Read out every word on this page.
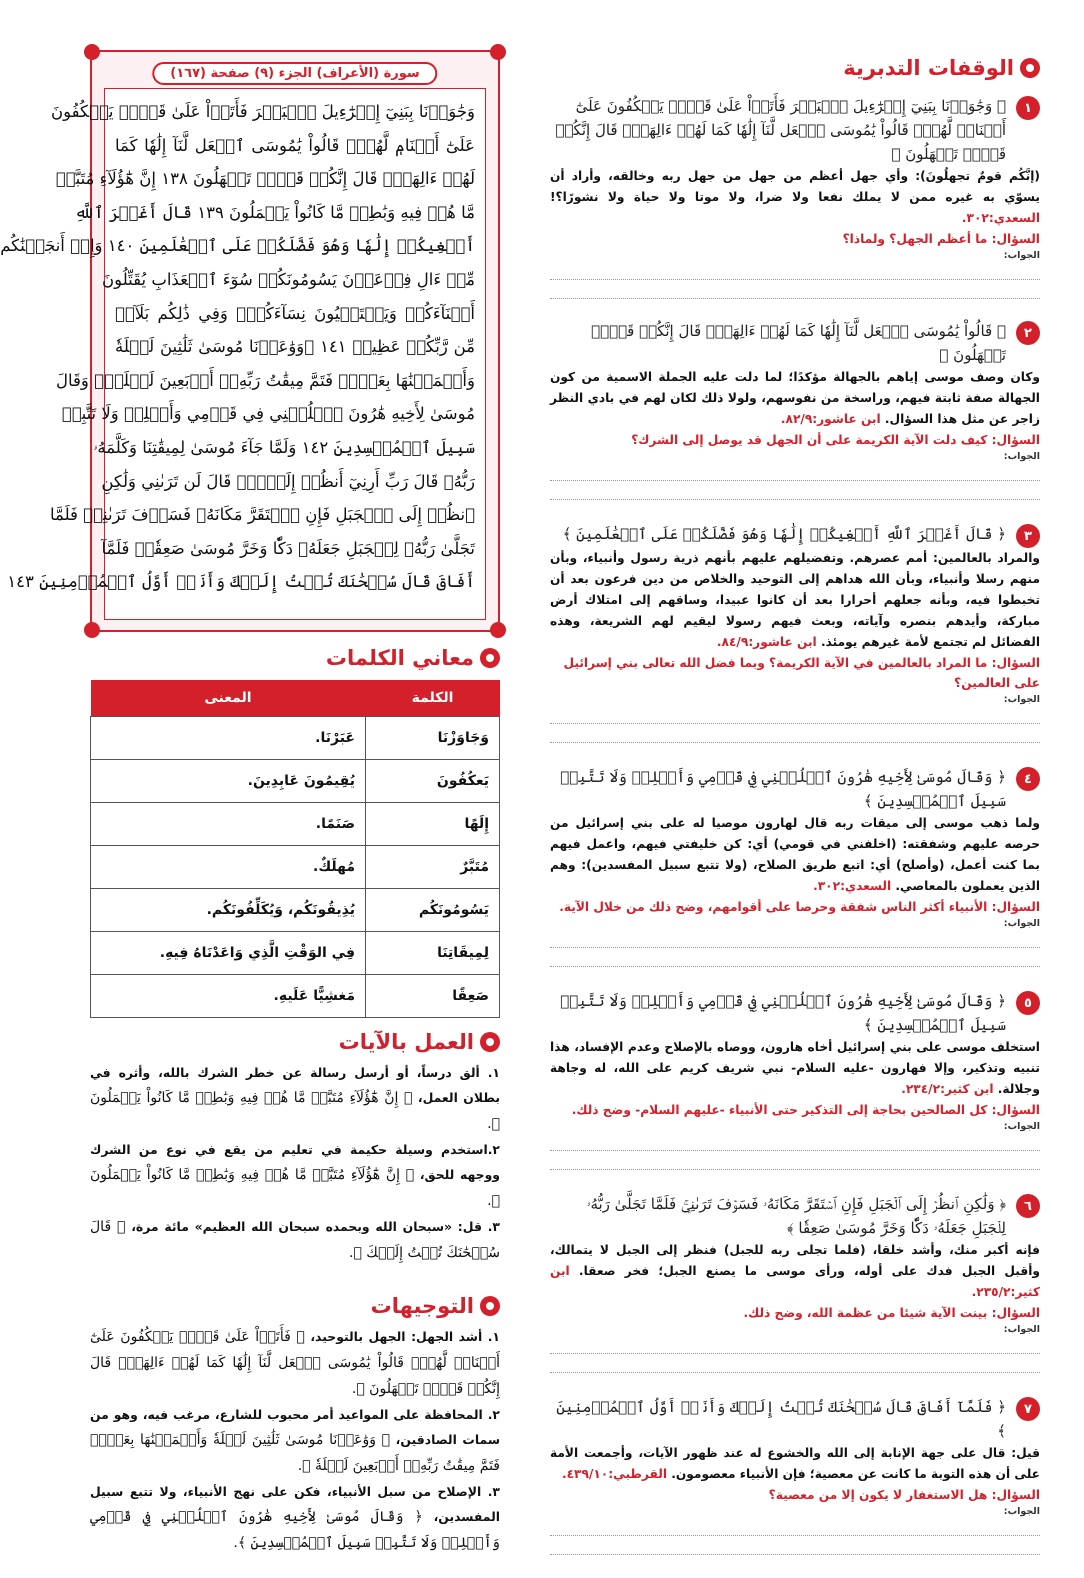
الوقفات التدبرية
١
﴿ وَجَٰوَزۡنَا بِبَنِيٓ إِسۡرَٰٓءِيلَ ٱلۡبَحۡرَ فَأَتَوۡاْ عَلَىٰ قَوۡمٖ يَعۡكُفُونَ عَلَىٰٓ أَصۡنَامٖ لَّهُمۡۚ قَالُواْ يَٰمُوسَى ٱجۡعَل لَّنَآ إِلَٰهٗا كَمَا لَهُمۡ ءَالِهَةٞۚ قَالَ إِنَّكُمۡ قَوۡمٞ تَجۡهَلُونَ ﴾
(إنَّكُم قومٌ تجهلُونَ): وأي جهل أعظم من جهل من جهل ربه وخالقه، وأراد أن يسوّي به غيره ممن لا يملك نفعا ولا ضرا، ولا موتا ولا حياة ولا نشورًا؟! السعدي:٣٠٢.
السؤال: ما أعظم الجهل؟ ولماذا؟
الجواب:
٢
﴿ قَالُواْ يَٰمُوسَى ٱجۡعَل لَّنَآ إِلَٰهٗا كَمَا لَهُمۡ ءَالِهَةٞۚ قَالَ إِنَّكُمۡ قَوۡمٞ تَجۡهَلُونَ ﴾
وكان وصف موسى إياهم بالجهالة مؤكدًا؛ لما دلت عليه الجملة الاسمية من كون الجهالة صفة ثابتة فيهم، وراسخة من نفوسهم، ولولا ذلك لكان لهم في بادي النظر زاجر عن مثل هذا السؤال. ابن عاشور:٨٢/٩.
السؤال: كيف دلت الآية الكريمة على أن الجهل قد يوصل إلى الشرك؟
الجواب:
٣
﴿ قَالَ أَغَيۡرَ ٱللَّهِ أَبۡغِيكُمۡ إِلَٰهٗا وَهُوَ فَضَّلَكُمۡ عَلَى ٱلۡعَٰلَمِينَ ﴾
والمراد بالعالمين: أمم عصرهم. وتفضيلهم عليهم بأنهم ذرية رسول وأنبياء، وبأن منهم رسلا وأنبياء، وبأن الله هداهم إلى التوحيد والخلاص من دين فرعون بعد أن تخبطوا فيه، وبأنه جعلهم أحرارا بعد أن كانوا عبيدا، وساقهم إلى امتلاك أرض مباركة، وأيدهم بنصره وآياته، وبعث فيهم رسولا ليقيم لهم الشريعة، وهذه الفضائل لم تجتمع لأمة غيرهم يومئذ. ابن عاشور:٨٤/٩.
السؤال: ما المراد بالعالمين في الآية الكريمة؟ وبما فضل الله تعالى بني إسرائيل على العالمين؟
الجواب:
٤
﴿ وَقَالَ مُوسَىٰ لِأَخِيهِ هَٰرُونَ ٱخۡلُفۡنِي فِي قَوۡمِي وَأَصۡلِحۡ وَلَا تَتَّبِعۡ سَبِيلَ ٱلۡمُفۡسِدِينَ ﴾
ولما ذهب موسى إلى ميقات ربه قال لهارون موصيا له على بني إسرائيل من حرصه عليهم وشفقته: (اخلفني في قومي) أي: كن خليفتي فيهم، واعمل فيهم بما كنت أعمل، (وأصلح) أي: اتبع طريق الصلاح، (ولا تتبع سبيل المفسدين): وهم الذين يعملون بالمعاصي. السعدي:٣٠٢.
السؤال: الأنبياء أكثر الناس شفقة وحرصا على أقوامهم، وضح ذلك من خلال الآية.
الجواب:
٥
﴿ وَقَالَ مُوسَىٰ لِأَخِيهِ هَٰرُونَ ٱخۡلُفۡنِي فِي قَوۡمِي وَأَصۡلِحۡ وَلَا تَتَّبِعۡ سَبِيلَ ٱلۡمُفۡسِدِينَ ﴾
استخلف موسى على بني إسرائيل أخاه هارون، ووصاه بالإصلاح وعدم الإفساد، هذا تنبيه وتذكير، وإلا فهارون -عليه السلام- نبي شريف كريم على الله، له وجاهة وجلالة. ابن كثير:٢٣٤/٢.
السؤال: كل الصالحين بحاجة إلى التذكير حتى الأنبياء -عليهم السلام- وضح ذلك.
الجواب:
٦
﴿ وَلَٰكِنِ ٱنظُرۡ إِلَى ٱلۡجَبَلِ فَإِنِ ٱسۡتَقَرَّ مَكَانَهُۥ فَسَوۡفَ تَرَىٰنِيۚ فَلَمَّا تَجَلَّىٰ رَبُّهُۥ لِلۡجَبَلِ جَعَلَهُۥ دَكّٗا وَخَرَّ مُوسَىٰ صَعِقٗا ﴾
فإنه أكبر منك، وأشد خلقا، (فلما تجلى ربه للجبل) فنظر إلى الجبل لا يتمالك، وأقبل الجبل فدك على أوله، ورأى موسى ما يصنع الجبل؛ فخر صعقا. ابن كثير:٢٣٥/٢.
السؤال: بينت الآية شيئا من عظمة الله، وضح ذلك.
الجواب:
٧
﴿ فَلَمَّآ أَفَاقَ قَالَ سُبۡحَٰنَكَ تُبۡتُ إِلَيۡكَ وَأَنَا۠ أَوَّلُ ٱلۡمُؤۡمِنِينَ ﴾
قيل: قال على جهة الإنابة إلى الله والخشوع له عند ظهور الآيات، وأجمعت الأمة على أن هذه التوبة ما كانت عن معصية؛ فإن الأنبياء معصومون. القرطبي:٤٣٩/١٠.
السؤال: هل الاستغفار لا يكون إلا من معصية؟
الجواب:
سورة (الأعراف) الجزء (٩) صفحة (١٦٧)
وَجَٰوَزۡنَا بِبَنِيٓ إِسۡرَٰٓءِيلَ ٱلۡبَحۡرَ فَأَتَوۡاْ عَلَىٰ قَوۡمٖ يَعۡكُفُونَ
عَلَىٰٓ أَصۡنَامٖ لَّهُمۡۚ قَالُواْ يَٰمُوسَى ٱجۡعَل لَّنَآ إِلَٰهٗا كَمَا
لَهُمۡ ءَالِهَةٞۚ قَالَ إِنَّكُمۡ قَوۡمٞ تَجۡهَلُونَ ١٣٨ إِنَّ هَٰٓؤُلَآءِ مُتَبَّرٞ
مَّا هُمۡ فِيهِ وَبَٰطِلٞ مَّا كَانُواْ يَعۡمَلُونَ ١٣٩ قَالَ أَغَيۡرَ ٱللَّهِ
أَبۡغِيكُمۡ إِلَٰهٗا وَهُوَ فَضَّلَكُمۡ عَلَى ٱلۡعَٰلَمِينَ ١٤٠ وَإِذۡ أَنجَيۡنَٰكُم
مِّنۡ ءَالِ فِرۡعَوۡنَ يَسُومُونَكُمۡ سُوٓءَ ٱلۡعَذَابِ يُقَتِّلُونَ
أَبۡنَآءَكُمۡ وَيَسۡتَحۡيُونَ نِسَآءَكُمۡۚ وَفِي ذَٰلِكُم بَلَآءٞ
مِّن رَّبِّكُمۡ عَظِيمٞ ١٤١ ۞وَوَٰعَدۡنَا مُوسَىٰ ثَلَٰثِينَ لَيۡلَةٗ
وَأَتۡمَمۡنَٰهَا بِعَشۡرٖ فَتَمَّ مِيقَٰتُ رَبِّهِۦٓ أَرۡبَعِينَ لَيۡلَةٗۚ وَقَالَ
مُوسَىٰ لِأَخِيهِ هَٰرُونَ ٱخۡلُفۡنِي فِي قَوۡمِي وَأَصۡلِحۡ وَلَا تَتَّبِعۡ
سَبِيلَ ٱلۡمُفۡسِدِينَ ١٤٢ وَلَمَّا جَآءَ مُوسَىٰ لِمِيقَٰتِنَا وَكَلَّمَهُۥ
رَبُّهُۥ قَالَ رَبِّ أَرِنِيٓ أَنظُرۡ إِلَيۡكَۚ قَالَ لَن تَرَىٰنِي وَلَٰكِنِ
ٱنظُرۡ إِلَى ٱلۡجَبَلِ فَإِنِ ٱسۡتَقَرَّ مَكَانَهُۥ فَسَوۡفَ تَرَىٰنِيۚ فَلَمَّا
تَجَلَّىٰ رَبُّهُۥ لِلۡجَبَلِ جَعَلَهُۥ دَكّٗا وَخَرَّ مُوسَىٰ صَعِقٗاۚ فَلَمَّآ
أَفَاقَ قَالَ سُبۡحَٰنَكَ تُبۡتُ إِلَيۡكَ وَأَنَا۠ أَوَّلُ ٱلۡمُؤۡمِنِينَ ١٤٣
معاني الكلمات
الكلمة	المعنى
وَجَاوَزْنَا	عَبَرْنَا.
يَعكُفُونَ	يُقِيمُونَ عَابِدِينَ.
إِلَهًا	صَنَمًا.
مُتَبَّرٌ	مُهلَكٌ.
يَسُومُونَكُم	يُذِيقُونَكُم، وَيُكَلِّفُونَكُم.
لِمِيقَاتِنَا	فِي الوَقْتِ الَّذِي وَاعَدْنَاهُ فِيهِ.
صَعِقًا	مَغشِيًّا عَلَيهِ.
العمل بالآيات
١. ألق درساً، أو أرسل رسالة عن خطر الشرك بالله، وأثره في بطلان العمل، ﴿ إِنَّ هَٰٓؤُلَآءِ مُتَبَّرٞ مَّا هُمۡ فِيهِ وَبَٰطِلٞ مَّا كَانُواْ يَعۡمَلُونَ ﴾.
٢.استخدم وسيلة حكيمة في تعليم من يقع في نوع من الشرك ووجهه للحق، ﴿ إِنَّ هَٰٓؤُلَآءِ مُتَبَّرٞ مَّا هُمۡ فِيهِ وَبَٰطِلٞ مَّا كَانُواْ يَعۡمَلُونَ ﴾.
٣. قل: «سبحان الله وبحمده سبحان الله العظيم» مائة مرة، ﴿ قَالَ سُبۡحَٰنَكَ تُبۡتُ إِلَيۡكَ ﴾.
التوجيهات
١. أشد الجهل: الجهل بالتوحيد، ﴿ فَأَتَوۡاْ عَلَىٰ قَوۡمٖ يَعۡكُفُونَ عَلَىٰٓ أَصۡنَامٖ لَّهُمۡۚ قَالُواْ يَٰمُوسَى ٱجۡعَل لَّنَآ إِلَٰهٗا كَمَا لَهُمۡ ءَالِهَةٞۚ قَالَ إِنَّكُمۡ قَوۡمٞ تَجۡهَلُونَ ﴾.
٢. المحافظة على المواعيد أمر محبوب للشارع، مرغب فيه، وهو من سمات الصادقين، ﴿ وَوَٰعَدۡنَا مُوسَىٰ ثَلَٰثِينَ لَيۡلَةٗ وَأَتۡمَمۡنَٰهَا بِعَشۡرٖ فَتَمَّ مِيقَٰتُ رَبِّهِۦٓ أَرۡبَعِينَ لَيۡلَةٗ ﴾.
٣. الإصلاح من سبل الأنبياء، فكن على نهج الأنبياء، ولا تتبع سبيل المفسدين، ﴿ وَقَالَ مُوسَىٰ لِأَخِيهِ هَٰرُونَ ٱخۡلُفۡنِي فِي قَوۡمِي وَأَصۡلِحۡ وَلَا تَتَّبِعۡ سَبِيلَ ٱلۡمُفۡسِدِينَ ﴾.
